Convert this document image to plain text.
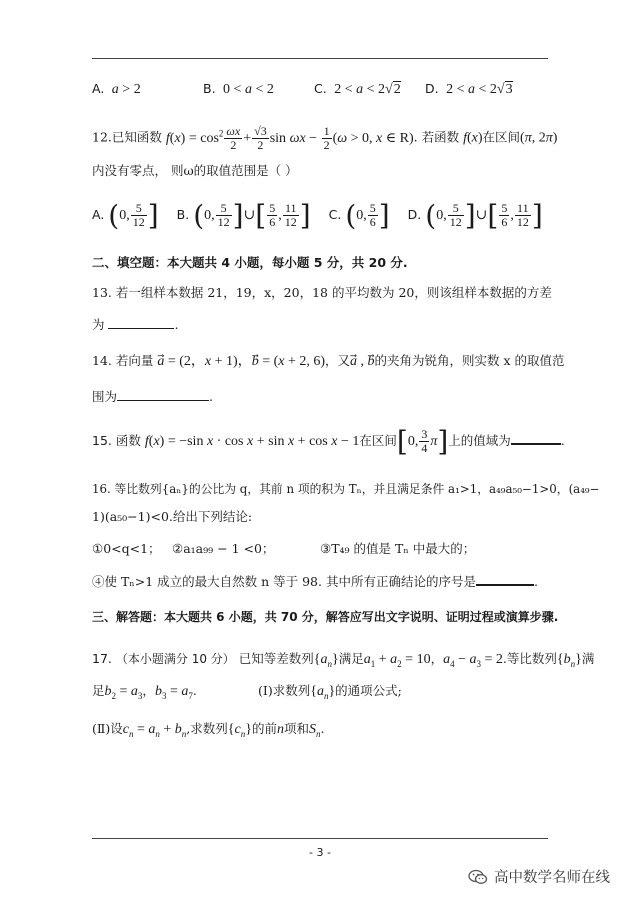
A. a > 2	B.  0 < a < 2	C.  2 < a < 2√2 D.  2 < a < 2√3
12.已知函数 $f(x) = \cos^2 \frac{\omega x}{2} + \frac{√3}{2}$ $\sin \omega x - \frac{1}{2} (\omega > 0$, x ∈ R). 若函数 f(x)在区间(π, 2π)
内没有零点， 则ω的取值范围是（ ）
A. (0, $\frac{5}{12}$ ] B. (0, $\frac{5}{12}$ ]∪[ $\frac{5}{6}$ , $\frac{11}{12}$ ] C. (0, $\frac{5}{6}$ ] D. (0, $\frac{5}{12}$ ]∪[ $\frac{5}{6}$ , $\frac{11}{12}$ ]
二、填空题：本大题共 4 小题，每小题 5 分，共 20 分.
13. 若一组样本数据 21，19，x，20，18 的平均数为 20，则该组样本数据的方差
为	.
14. 若向量 a⃗ = (2，x + 1)，b⃗ = (x + 2, 6)，又a⃗ , b的夹角为锐角，则实数 x 的取值范
围为	.
15. 函数 f(x) = −sin x · cos x + sin x + cos x − 1在区间[0, $\frac{3}{4} \pi$]上的值域为	.
16. 等比数列{aₙ}的公比为 q，其前 n 项的积为 Tₙ，并且满足条件 a₁>1，a₄₉a₅₀−1>0，(a₄₉−
1)(a₅₀−1)<0.给出下列结论:
①0<q<1； ②a₁a₉₉ − 1 <0；	③T₄₉ 的值是 Tₙ 中最大的；
④使 Tₙ>1 成立的最大自然数 n 等于 98. 其中所有正确结论的序号是	.
三、解答题：本大题共 6 小题，共 70 分，解答应写出文字说明、证明过程或演算步骤.
17. （本小题满分 10 分） 已知等差数列$\{a_n\}$满足$a_1 + a_2 = 10$，$a_4 - a_3 = 2$.等比数列$\{b_n\}$满
足$b_2 = a_3$，$b_3 = a_7$.	(Ⅰ)求数列$\{a_n\}$的通项公式;
(Ⅱ)设$c_n = a_n + b_n$,求数列$\{c_n\}$的前n项和$S_n$.
- 3 -
高中数学名师在线
